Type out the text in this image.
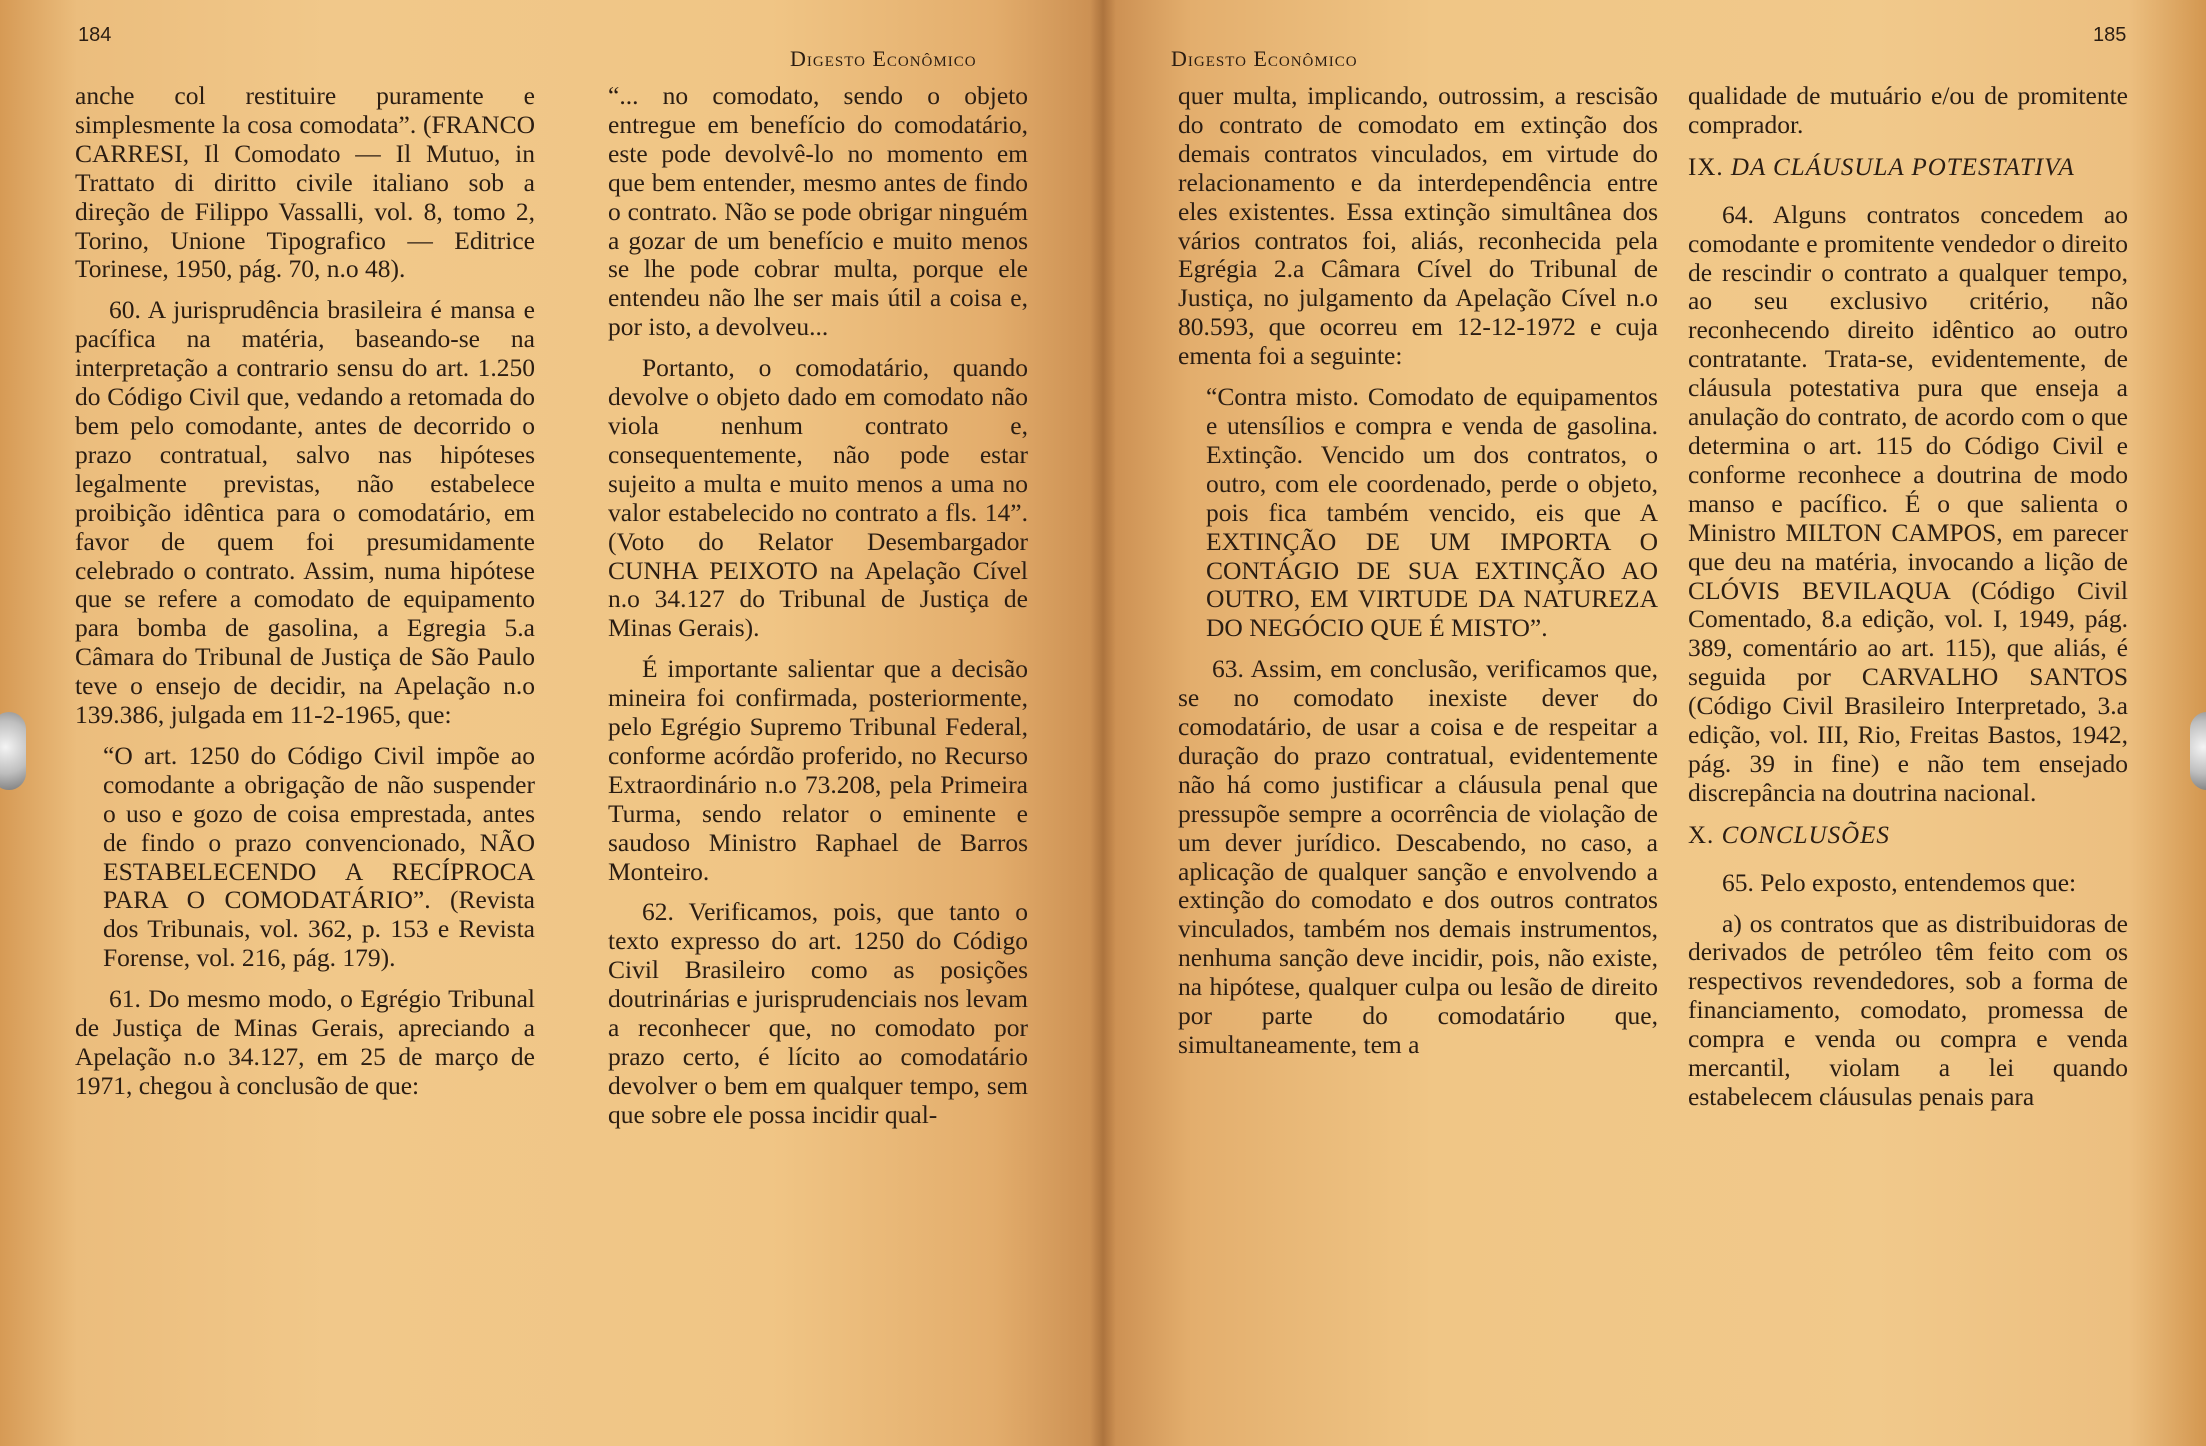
184
Digesto Econômico

anche col restituire puramente e simplesmente la cosa comodata”. (FRANCO CARRESI, Il Comodato — Il Mutuo, in Trattato di diritto civile italiano sob a direção de Filippo Vassalli, vol. 8, tomo 2, Torino, Unione Tipografico — Editrice Torinese, 1950, pág. 70, n.o 48).

60. A jurisprudência brasileira é mansa e pacífica na matéria, baseando-se na interpretação a contrario sensu do art. 1.250 do Código Civil que, vedando a retomada do bem pelo comodante, antes de decorrido o prazo contratual, salvo nas hipóteses legalmente previstas, não estabelece proibição idêntica para o comodatário, em favor de quem foi presumidamente celebrado o contrato. Assim, numa hipótese que se refere a comodato de equipamento para bomba de gasolina, a Egregia 5.a Câmara do Tribunal de Justiça de São Paulo teve o ensejo de decidir, na Apelação n.o 139.386, julgada em 11-2-1965, que:

“O art. 1250 do Código Civil impõe ao comodante a obrigação de não suspender o uso e gozo de coisa emprestada, antes de findo o prazo convencionado, NÃO ESTABELECENDO A RECÍPROCA PARA O COMODATÁRIO”. (Revista dos Tribunais, vol. 362, p. 153 e Revista Forense, vol. 216, pág. 179).

61. Do mesmo modo, o Egrégio Tribunal de Justiça de Minas Gerais, apreciando a Apelação n.o 34.127, em 25 de março de 1971, chegou à conclusão de que:

“... no comodato, sendo o objeto entregue em benefício do comodatário, este pode devolvê-lo no momento em que bem entender, mesmo antes de findo o contrato. Não se pode obrigar ninguém a gozar de um benefício e muito menos se lhe pode cobrar multa, porque ele entendeu não lhe ser mais útil a coisa e, por isto, a devolveu...

Portanto, o comodatário, quando devolve o objeto dado em comodato não viola nenhum contrato e, consequentemente, não pode estar sujeito a multa e muito menos a uma no valor estabelecido no contrato a fls. 14”. (Voto do Relator Desembargador CUNHA PEIXOTO na Apelação Cível n.o 34.127 do Tribunal de Justiça de Minas Gerais).

É importante salientar que a decisão mineira foi confirmada, posteriormente, pelo Egrégio Supremo Tribunal Federal, conforme acórdão proferido, no Recurso Extraordinário n.o 73.208, pela Primeira Turma, sendo relator o eminente e saudoso Ministro Raphael de Barros Monteiro.

62. Verificamos, pois, que tanto o texto expresso do art. 1250 do Código Civil Brasileiro como as posições doutrinárias e jurisprudenciais nos levam a reconhecer que, no comodato por prazo certo, é lícito ao comodatário devolver o bem em qualquer tempo, sem que sobre ele possa incidir qual-

Digesto Econômico
185

quer multa, implicando, outrossim, a rescisão do contrato de comodato em extinção dos demais contratos vinculados, em virtude do relacionamento e da interdependência entre eles existentes. Essa extinção simultânea dos vários contratos foi, aliás, reconhecida pela Egrégia 2.a Câmara Cível do Tribunal de Justiça, no julgamento da Apelação Cível n.o 80.593, que ocorreu em 12-12-1972 e cuja ementa foi a seguinte:

“Contra misto. Comodato de equipamentos e utensílios e compra e venda de gasolina. Extinção. Vencido um dos contratos, o outro, com ele coordenado, perde o objeto, pois fica também vencido, eis que A EXTINÇÃO DE UM IMPORTA O CONTÁGIO DE SUA EXTINÇÃO AO OUTRO, EM VIRTUDE DA NATUREZA DO NEGÓCIO QUE É MISTO”.

63. Assim, em conclusão, verificamos que, se no comodato inexiste dever do comodatário, de usar a coisa e de respeitar a duração do prazo contratual, evidentemente não há como justificar a cláusula penal que pressupõe sempre a ocorrência de violação de um dever jurídico. Descabendo, no caso, a aplicação de qualquer sanção e envolvendo a extinção do comodato e dos outros contratos vinculados, também nos demais instrumentos, nenhuma sanção deve incidir, pois, não existe, na hipótese, qualquer culpa ou lesão de direito por parte do comodatário que, simultaneamente, tem a

qualidade de mutuário e/ou de promitente comprador.

IX. DA CLÁUSULA POTESTATIVA

64. Alguns contratos concedem ao comodante e promitente vendedor o direito de rescindir o contrato a qualquer tempo, ao seu exclusivo critério, não reconhecendo direito idêntico ao outro contratante. Trata-se, evidentemente, de cláusula potestativa pura que enseja a anulação do contrato, de acordo com o que determina o art. 115 do Código Civil e conforme reconhece a doutrina de modo manso e pacífico. É o que salienta o Ministro MILTON CAMPOS, em parecer que deu na matéria, invocando a lição de CLÓVIS BEVILAQUA (Código Civil Comentado, 8.a edição, vol. I, 1949, pág. 389, comentário ao art. 115), que aliás, é seguida por CARVALHO SANTOS (Código Civil Brasileiro Interpretado, 3.a edição, vol. III, Rio, Freitas Bastos, 1942, pág. 39 in fine) e não tem ensejado discrepância na doutrina nacional.

X. CONCLUSÕES

65. Pelo exposto, entendemos que:

a) os contratos que as distribuidoras de derivados de petróleo têm feito com os respectivos revendedores, sob a forma de financiamento, comodato, promessa de compra e venda ou compra e venda mercantil, violam a lei quando estabelecem cláusulas penais para
